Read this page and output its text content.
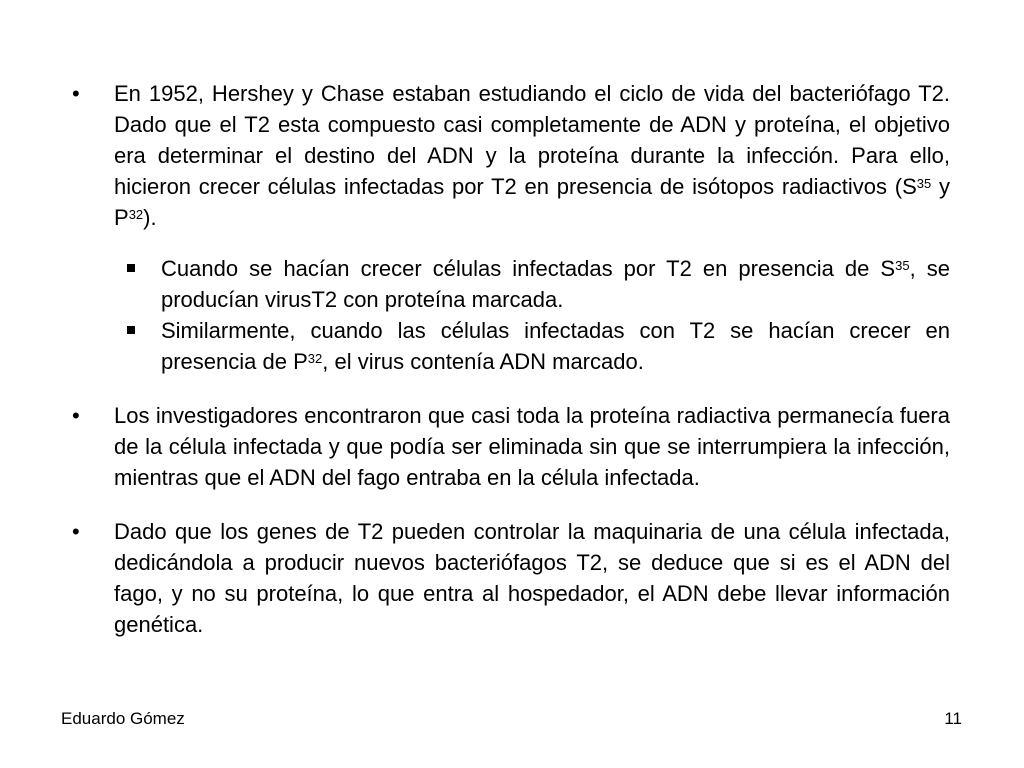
•	En 1952, Hershey y Chase estaban estudiando el ciclo de vida del bacteriófago T2. Dado que el T2 esta compuesto casi completamente de ADN y proteína, el objetivo era determinar el destino del ADN y la proteína durante la infección. Para ello, hicieron crecer células infectadas por T2 en presencia de isótopos radiactivos ($S^{35}$ y $P^{32}$).
Cuando se hacían crecer células infectadas por T2 en presencia de $S^{35}$, se producían virusT2 con proteína marcada.
Similarmente, cuando las células infectadas con T2 se hacían crecer en presencia de $P^{32}$, el virus contenía ADN marcado.
•	Los investigadores encontraron que casi toda la proteína radiactiva permanecía fuera de la célula infectada y que podía ser eliminada sin que se interrumpiera la infección, mientras que el ADN del fago entraba en la célula infectada.
•	Dado que los genes de T2 pueden controlar la maquinaria de una célula infectada, dedicándola a producir nuevos bacteriófagos T2, se deduce que si es el ADN del fago, y no su proteína, lo que entra al hospedador, el ADN debe llevar información genética.
Eduardo Gómez	11
